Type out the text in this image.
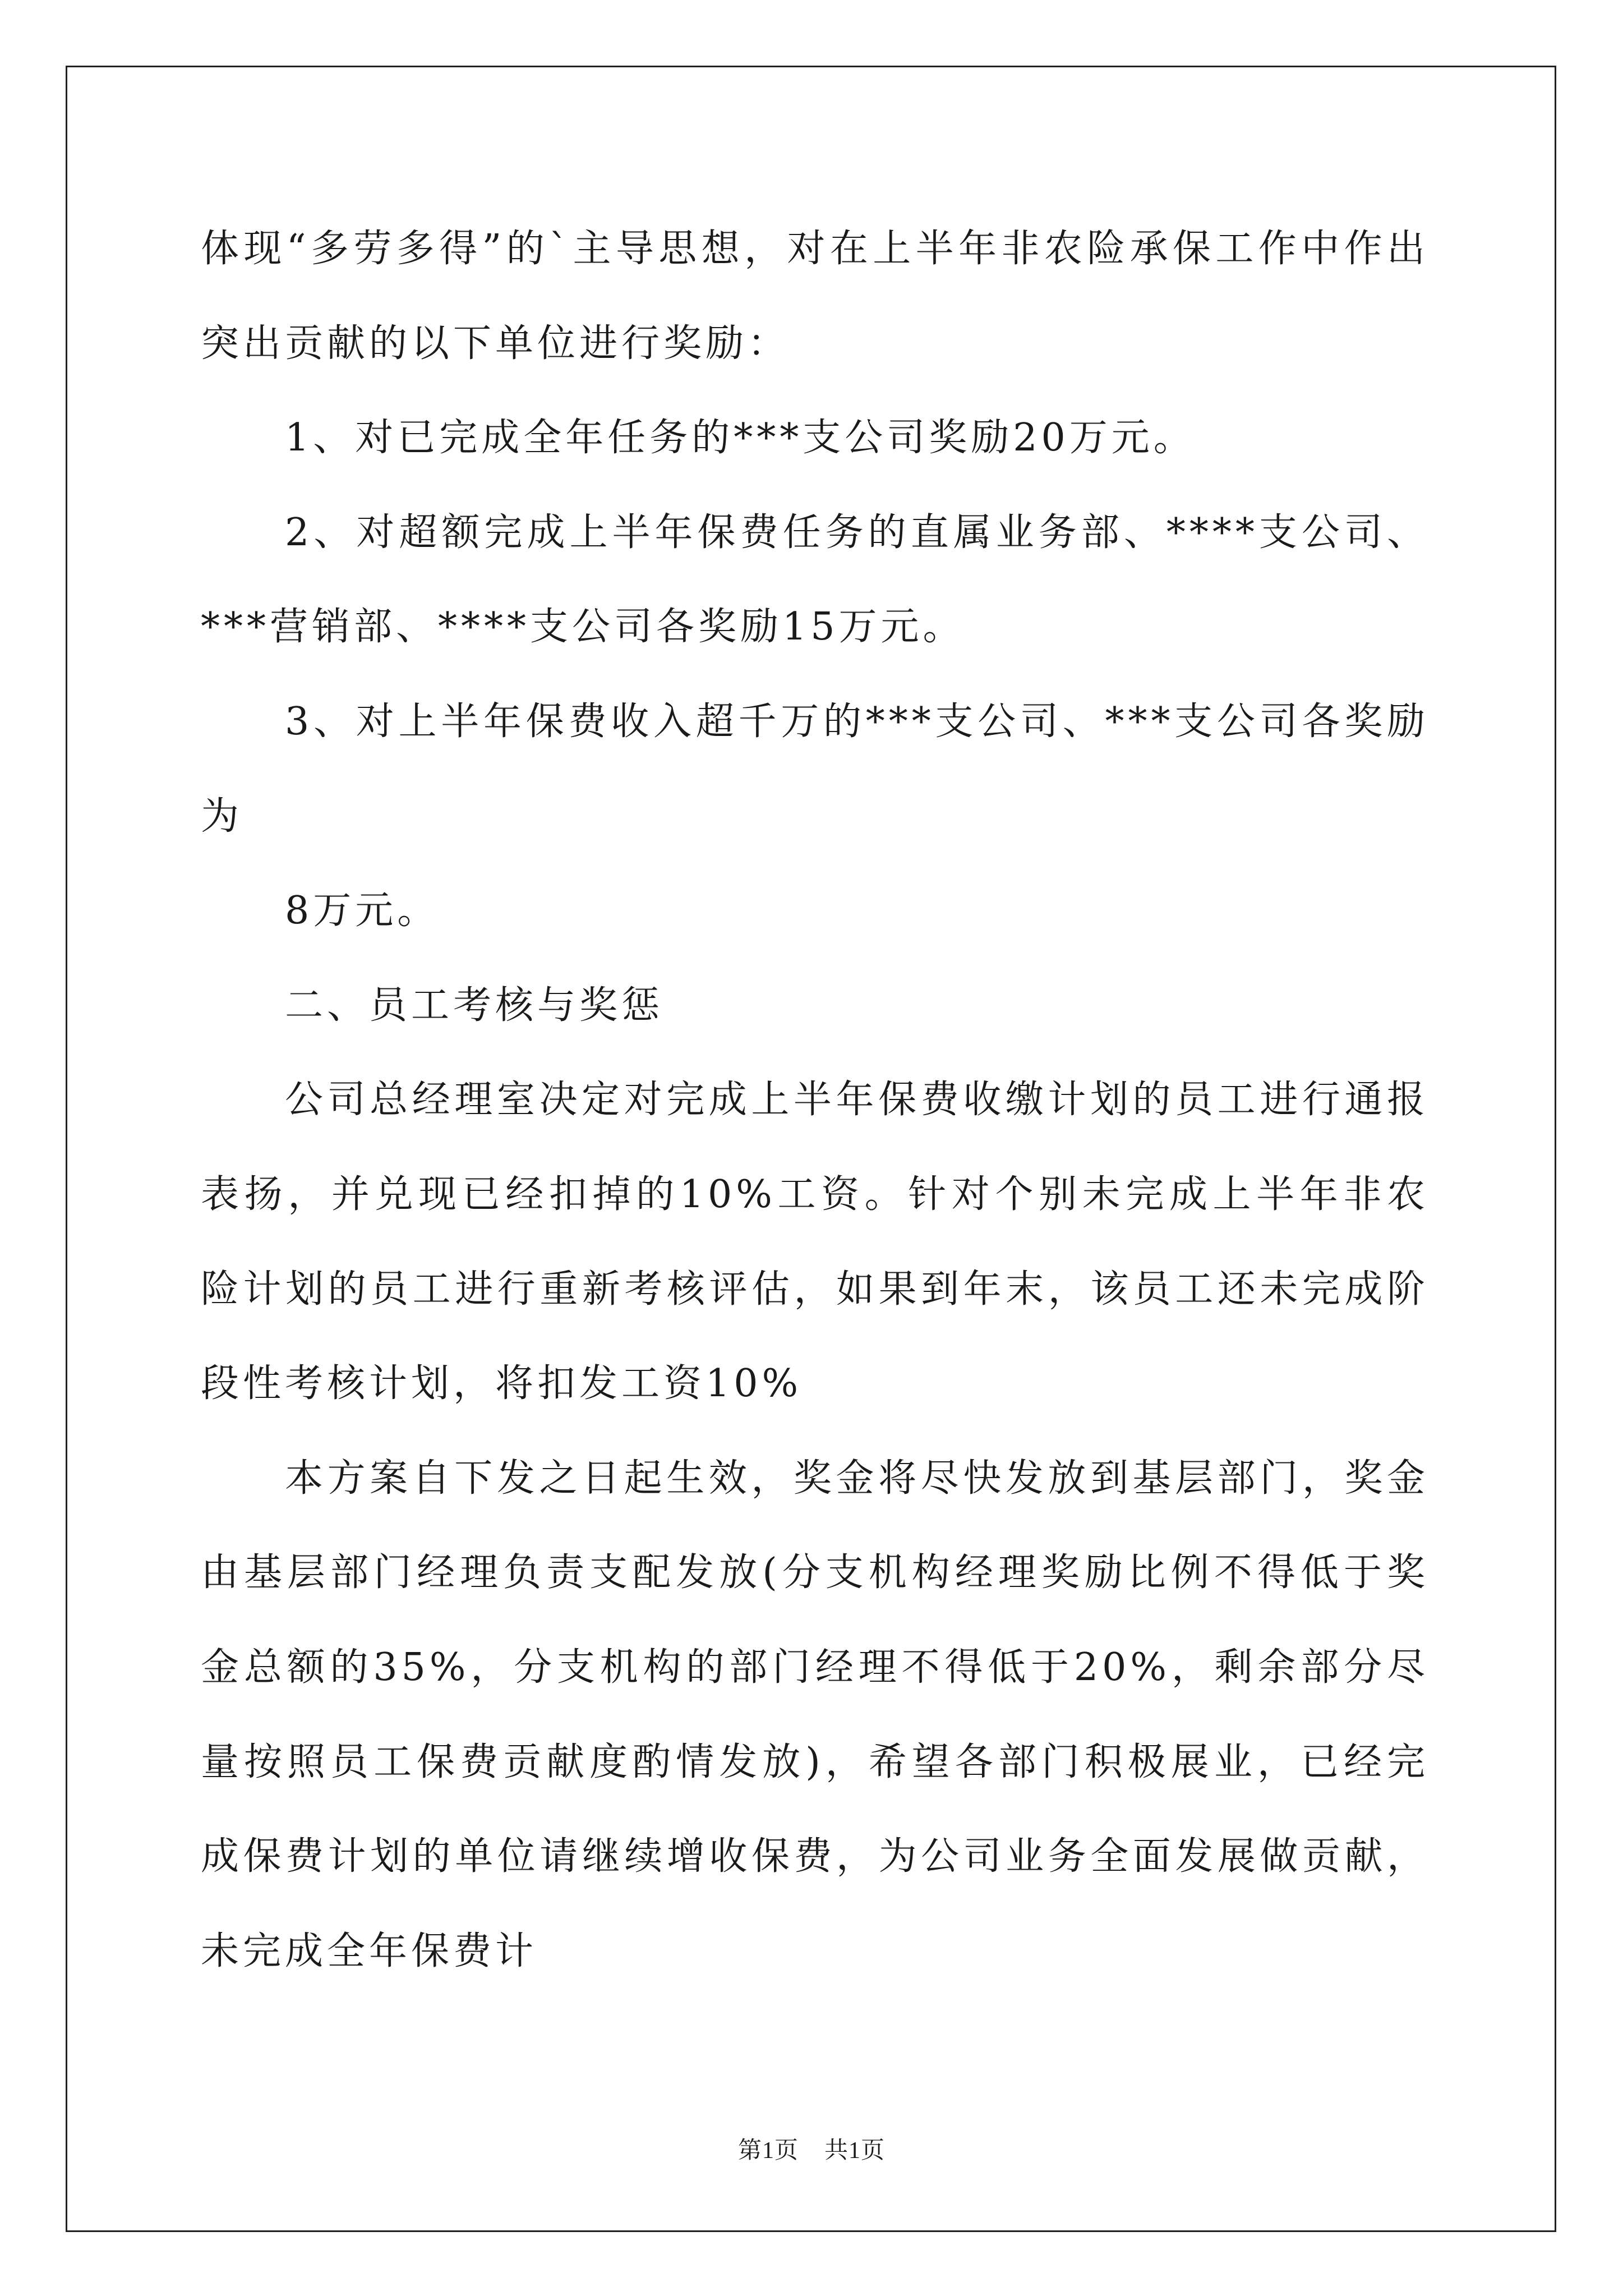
体现“多劳多得”的`主导思想，对在上半年非农险承保工作中作出突出贡献的以下单位进行奖励：

1、对已完成全年任务的***支公司奖励20万元。

2、对超额完成上半年保费任务的直属业务部、****支公司、***营销部、****支公司各奖励15万元。

3、对上半年保费收入超千万的***支公司、***支公司各奖励为

8万元。

二、员工考核与奖惩

公司总经理室决定对完成上半年保费收缴计划的员工进行通报表扬，并兑现已经扣掉的10%工资。针对个别未完成上半年非农险计划的员工进行重新考核评估，如果到年末，该员工还未完成阶段性考核计划，将扣发工资10%

本方案自下发之日起生效，奖金将尽快发放到基层部门，奖金由基层部门经理负责支配发放(分支机构经理奖励比例不得低于奖金总额的35%，分支机构的部门经理不得低于20%，剩余部分尽量按照员工保费贡献度酌情发放)，希望各部门积极展业，已经完成保费计划的单位请继续增收保费，为公司业务全面发展做贡献，未完成全年保费计

第1页 共1页
